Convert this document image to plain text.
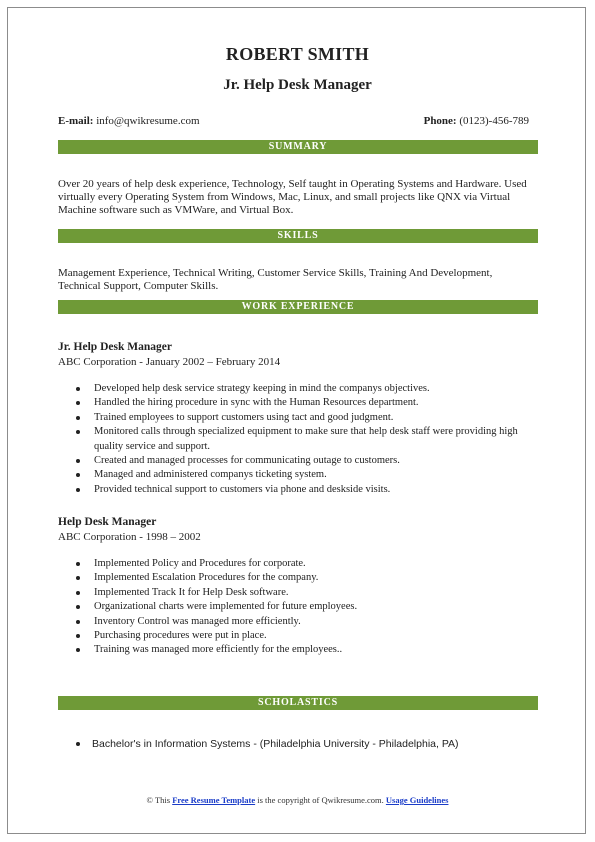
ROBERT SMITH
Jr. Help Desk Manager
E-mail: info@qwikresume.com	Phone: (0123)-456-789
SUMMARY
Over 20 years of help desk experience, Technology, Self taught in Operating Systems and Hardware. Used virtually every Operating System from Windows, Mac, Linux, and small projects like QNX via Virtual Machine software such as VMWare, and Virtual Box.
SKILLS
Management Experience, Technical Writing, Customer Service Skills, Training And Development, Technical Support, Computer Skills.
WORK EXPERIENCE
Jr. Help Desk Manager
ABC Corporation - January 2002 – February 2014
Developed help desk service strategy keeping in mind the companys objectives.
Handled the hiring procedure in sync with the Human Resources department.
Trained employees to support customers using tact and good judgment.
Monitored calls through specialized equipment to make sure that help desk staff were providing high quality service and support.
Created and managed processes for communicating outage to customers.
Managed and administered companys ticketing system.
Provided technical support to customers via phone and deskside visits.
Help Desk Manager
ABC Corporation - 1998 – 2002
Implemented Policy and Procedures for corporate.
Implemented Escalation Procedures for the company.
Implemented Track It for Help Desk software.
Organizational charts were implemented for future employees.
Inventory Control was managed more efficiently.
Purchasing procedures were put in place.
Training was managed more efficiently for the employees..
SCHOLASTICS
Bachelor's in Information Systems - (Philadelphia University - Philadelphia, PA)
© This Free Resume Template is the copyright of Qwikresume.com. Usage Guidelines
